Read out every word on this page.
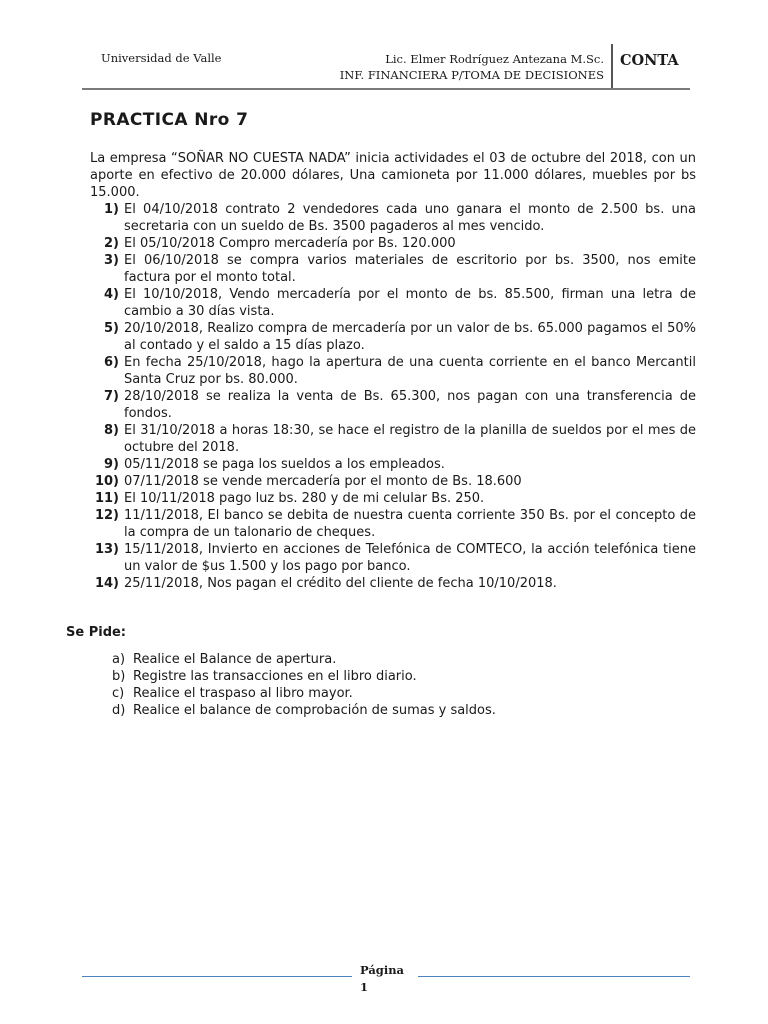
Universidad de Valle	Lic. Elmer Rodríguez Antezana M.Sc.
INF. FINANCIERA P/TOMA DE DECISIONES
CONTA
PRACTICA Nro 7
La empresa “SOÑAR NO CUESTA NADA” inicia actividades el 03 de octubre del 2018, con un aporte en efectivo de 20.000 dólares, Una camioneta por 11.000 dólares, muebles por bs 15.000.
1) El 04/10/2018 contrato 2 vendedores cada uno ganara el monto de 2.500 bs. una secretaria con un sueldo de Bs. 3500 pagaderos al mes vencido.
2) El 05/10/2018 Compro mercadería por Bs. 120.000
3) El 06/10/2018 se compra varios materiales de escritorio por bs. 3500, nos emite factura por el monto total.
4) El 10/10/2018, Vendo mercadería por el monto de bs. 85.500, firman una letra de cambio a 30 días vista.
5) 20/10/2018, Realizo compra de mercadería por un valor de bs. 65.000 pagamos el 50% al contado y el saldo a 15 días plazo.
6) En fecha 25/10/2018, hago la apertura de una cuenta corriente en el banco Mercantil Santa Cruz por bs. 80.000.
7) 28/10/2018 se realiza la venta de Bs. 65.300, nos pagan con una transferencia de fondos.
8) El 31/10/2018 a horas 18:30, se hace el registro de la planilla de sueldos por el mes de octubre del 2018.
9) 05/11/2018 se paga los sueldos a los empleados.
10) 07/11/2018 se vende mercadería por el monto de Bs. 18.600
11) El 10/11/2018 pago luz bs. 280 y de mi celular Bs. 250.
12) 11/11/2018, El banco se debita de nuestra cuenta corriente 350 Bs. por el concepto de la compra de un talonario de cheques.
13) 15/11/2018, Invierto en acciones de Telefónica de COMTECO, la acción telefónica tiene un valor de $us 1.500 y los pago por banco.
14) 25/11/2018, Nos pagan el crédito del cliente de fecha 10/10/2018.
Se Pide:
a) Realice el Balance de apertura.
b) Registre las transacciones en el libro diario.
c) Realice el traspaso al libro mayor.
d) Realice el balance de comprobación de sumas y saldos.
Página
1
